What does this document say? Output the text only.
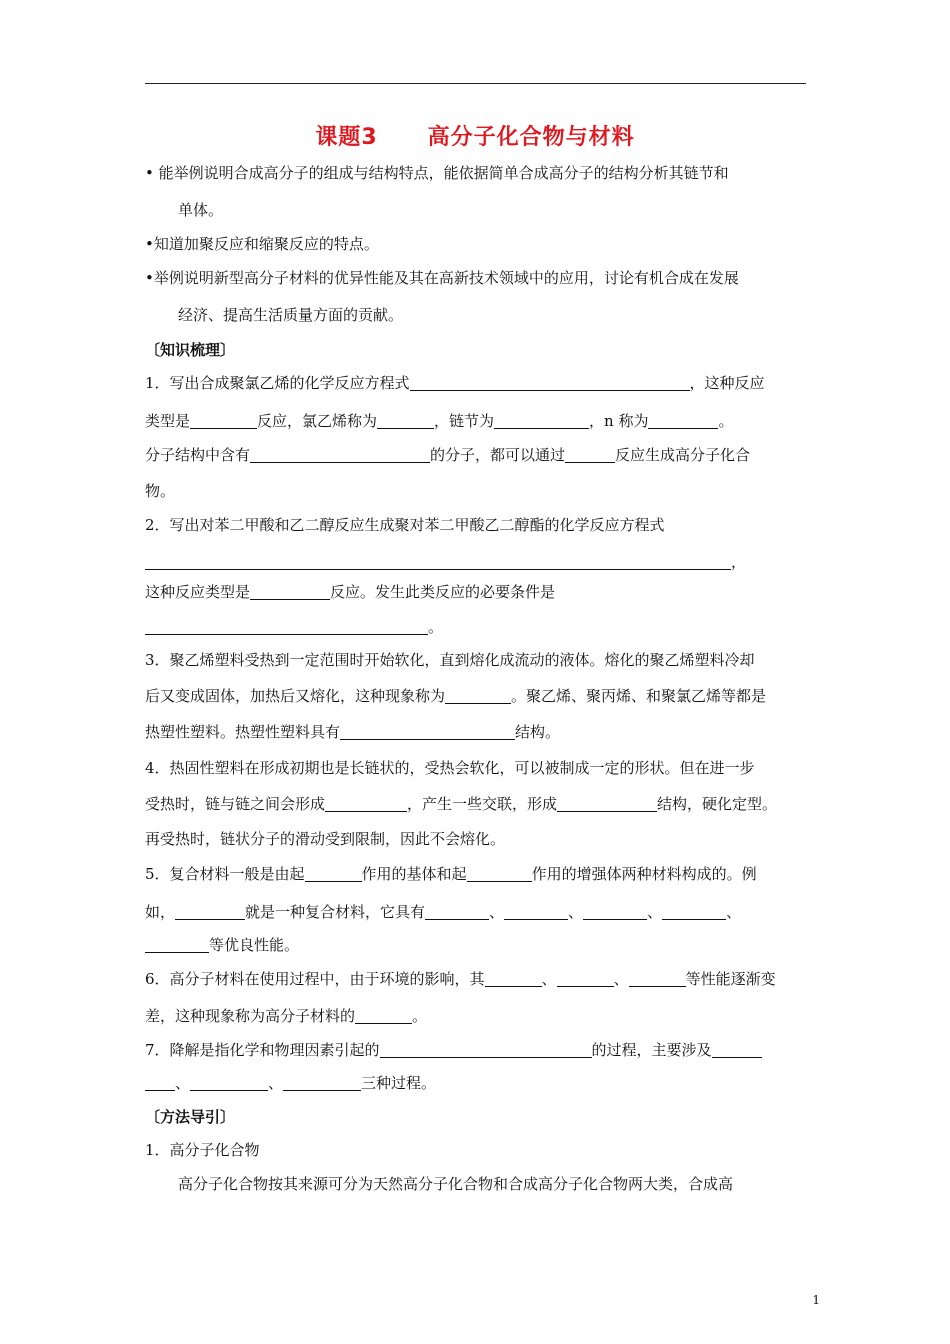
课题3 高分子化合物与材料
• 能举例说明合成高分子的组成与结构特点，能依据简单合成高分子的结构分析其链节和
单体。
•知道加聚反应和缩聚反应的特点。
•举例说明新型高分子材料的优异性能及其在高新技术领域中的应用，讨论有机合成在发展
经济、提高生活质量方面的贡献。
〔知识梳理〕
1．写出合成聚氯乙烯的化学反应方程式	，这种反应
类型是	反应，氯乙烯称为	，链节为	，n 称为	。
分子结构中含有	的分子，都可以通过	反应生成高分子化合
物。
2．写出对苯二甲酸和乙二醇反应生成聚对苯二甲酸乙二醇酯的化学反应方程式
，
这种反应类型是	反应。发生此类反应的必要条件是
。
3．聚乙烯塑料受热到一定范围时开始软化，直到熔化成流动的液体。熔化的聚乙烯塑料冷却
后又变成固体，加热后又熔化，这种现象称为	。聚乙烯、聚丙烯、和聚氯乙烯等都是
热塑性塑料。热塑性塑料具有	结构。
4．热固性塑料在形成初期也是长链状的，受热会软化，可以被制成一定的形状。但在进一步
受热时，链与链之间会形成	，产生一些交联，形成	结构，硬化定型。
再受热时，链状分子的滑动受到限制，因此不会熔化。
5．复合材料一般是由起	作用的基体和起	作用的增强体两种材料构成的。例
如，	就是一种复合材料，它具有	、	、	、	、
等优良性能。
6．高分子材料在使用过程中，由于环境的影响，其	、	、	等性能逐渐变
差，这种现象称为高分子材料的	。
7．降解是指化学和物理因素引起的	的过程，主要涉及
、	、	三种过程。
〔方法导引〕
1．高分子化合物
高分子化合物按其来源可分为天然高分子化合物和合成高分子化合物两大类，合成高
1
